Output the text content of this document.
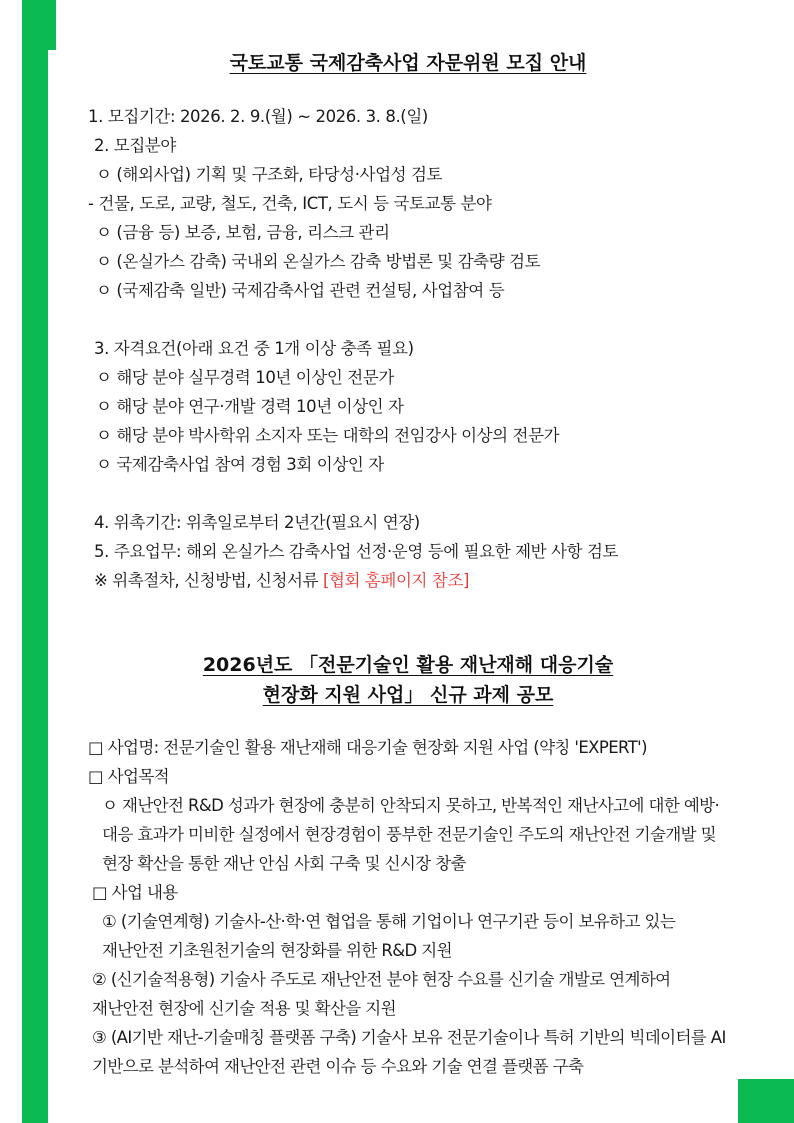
국토교통 국제감축사업 자문위원 모집 안내
1. 모집기간: 2026. 2. 9.(월) ~ 2026. 3. 8.(일)
2. 모집분야
ㅇ (해외사업) 기획 및 구조화, 타당성·사업성 검토
- 건물, 도로, 교량, 철도, 건축, ICT, 도시 등 국토교통 분야
ㅇ (금융 등) 보증, 보험, 금융, 리스크 관리
ㅇ (온실가스 감축) 국내외 온실가스 감축 방법론 및 감축량 검토
ㅇ (국제감축 일반) 국제감축사업 관련 컨설팅, 사업참여 등
3. 자격요건(아래 요건 중 1개 이상 충족 필요)
ㅇ 해당 분야 실무경력 10년 이상인 전문가
ㅇ 해당 분야 연구·개발 경력 10년 이상인 자
ㅇ 해당 분야 박사학위 소지자 또는 대학의 전임강사 이상의 전문가
ㅇ 국제감축사업 참여 경험 3회 이상인 자
4. 위촉기간: 위촉일로부터 2년간(필요시 연장)
5. 주요업무: 해외 온실가스 감축사업 선정·운영 등에 필요한 제반 사항 검토
※ 위촉절차, 신청방법, 신청서류 [협회 홈페이지 참조]
2026년도 「전문기술인 활용 재난재해 대응기술
현장화 지원 사업」 신규 과제 공모
□ 사업명: 전문기술인 활용 재난재해 대응기술 현장화 지원 사업 (약칭 'EXPERT')
□ 사업목적
ㅇ 재난안전 R&D 성과가 현장에 충분히 안착되지 못하고, 반복적인 재난사고에 대한 예방·대응 효과가 미비한 실정에서 현장경험이 풍부한 전문기술인 주도의 재난안전 기술개발 및 현장 확산을 통한 재난 안심 사회 구축 및 신시장 창출
□ 사업 내용
① (기술연계형) 기술사-산·학·연 협업을 통해 기업이나 연구기관 등이 보유하고 있는 재난안전 기초원천기술의 현장화를 위한 R&D 지원
② (신기술적용형) 기술사 주도로 재난안전 분야 현장 수요를 신기술 개발로 연계하여 재난안전 현장에 신기술 적용 및 확산을 지원
③ (AI기반 재난-기술매칭 플랫폼 구축) 기술사 보유 전문기술이나 특허 기반의 빅데이터를 AI 기반으로 분석하여 재난안전 관련 이슈 등 수요와 기술 연결 플랫폼 구축
